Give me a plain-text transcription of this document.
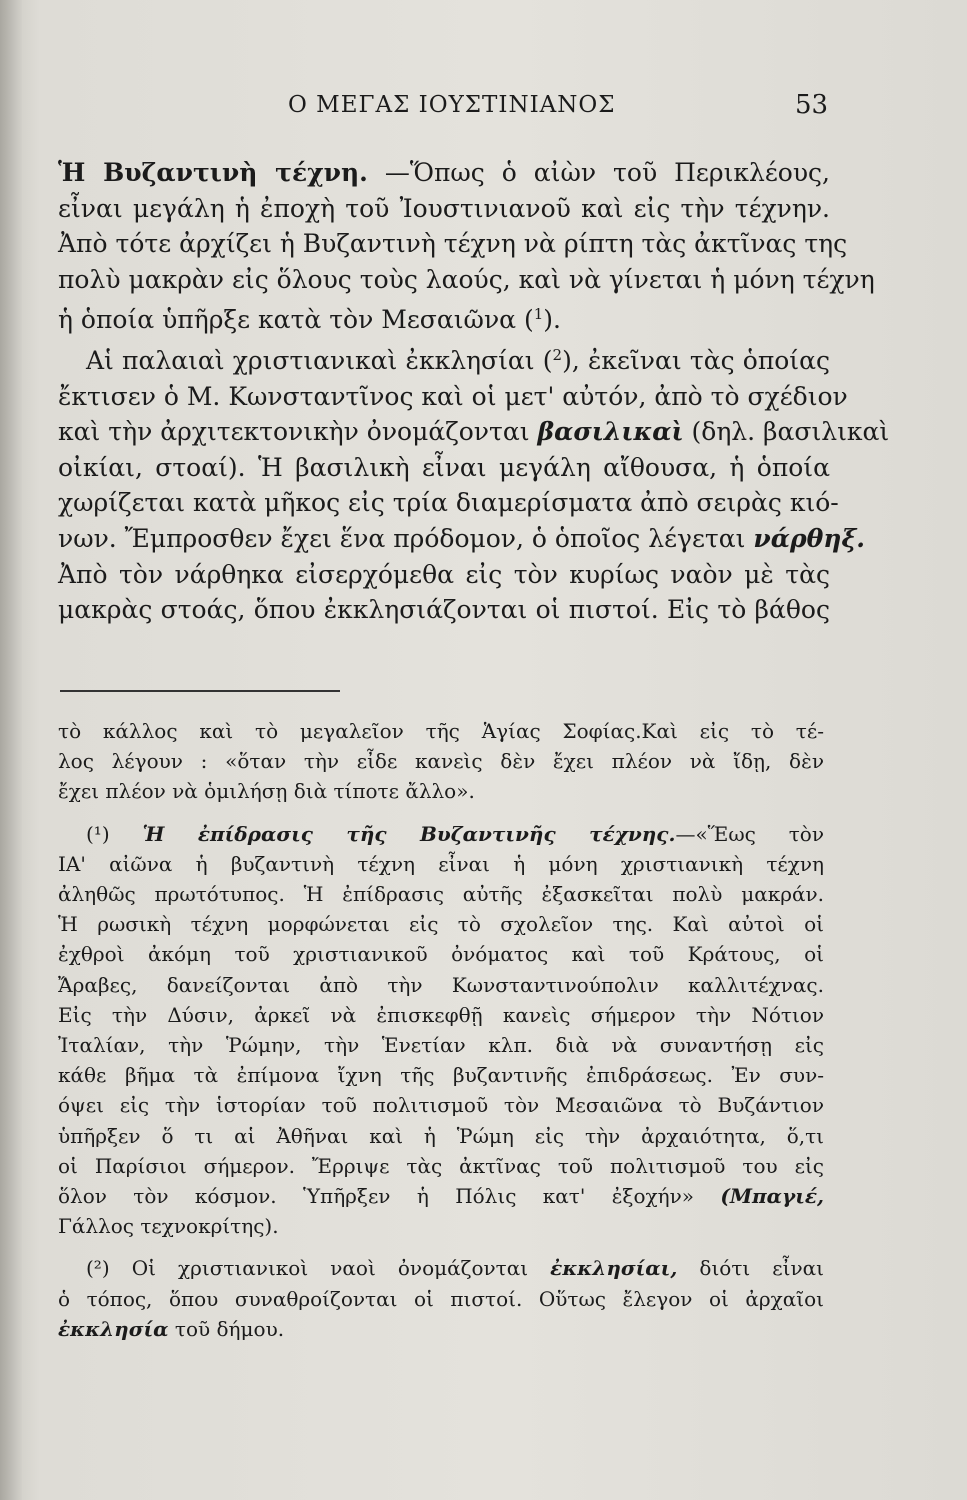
Ο ΜΕΓΑΣ ΙΟΥΣΤΙΝΙΑΝΟΣ	53
Ἡ Βυζαντινὴ τέχνη. —Ὅπως ὁ αἰὼν τοῦ Περικλέους,
εἶναι μεγάλη ἡ ἐποχὴ τοῦ Ἰουστινιανοῦ καὶ εἰς τὴν τέχνην.
Ἀπὸ τότε ἀρχίζει ἡ Βυζαντινὴ τέχνη νὰ ρίπτη τὰς ἀκτῖνας της
πολὺ μακρὰν εἰς ὅλους τοὺς λαούς, καὶ νὰ γίνεται ἡ μόνη τέχνη
ἡ ὁποία ὑπῆρξε κατὰ τὸν Μεσαιῶνα ($^1$).
Αἱ παλαιαὶ χριστιανικαὶ ἐκκλησίαι ($^2$), ἐκεῖναι τὰς ὁποίας
ἔκτισεν ὁ Μ. Κωνσταντῖνος καὶ οἱ μετ' αὐτόν, ἀπὸ τὸ σχέδιον
καὶ τὴν ἀρχιτεκτονικὴν ὀνομάζονται βασιλικαὶ (δηλ. βασιλικαὶ
οἰκίαι, στοαί). Ἡ βασιλικὴ εἶναι μεγάλη αἴθουσα, ἡ ὁποία
χωρίζεται κατὰ μῆκος εἰς τρία διαμερίσματα ἀπὸ σειρὰς κιό-
νων. Ἔμπροσθεν ἔχει ἕνα πρόδομον, ὁ ὁποῖος λέγεται νάρθηξ.
Ἀπὸ τὸν νάρθηκα εἰσερχόμεθα εἰς τὸν κυρίως ναὸν μὲ τὰς
μακρὰς στοάς, ὅπου ἐκκλησιάζονται οἱ πιστοί. Εἰς τὸ βάθος
τὸ κάλλος καὶ τὸ μεγαλεῖον τῆς Ἁγίας Σοφίας.Καὶ εἰς τὸ τέ-
λος λέγουν : «ὅταν τὴν εἶδε κανεὶς δὲν ἔχει πλέον νὰ ἴδῃ, δὲν
ἔχει πλέον νὰ ὁμιλήσῃ διὰ τίποτε ἄλλο».
(¹) Ἡ ἐπίδρασις τῆς Βυζαντινῆς τέχνης.—«Ἕως τὸν
ΙΑ' αἰῶνα ἡ βυζαντινὴ τέχνη εἶναι ἡ μόνη χριστιανικὴ τέχνη
ἀληθῶς πρωτότυπος. Ἡ ἐπίδρασις αὐτῆς ἐξασκεῖται πολὺ μακράν.
Ἡ ρωσικὴ τέχνη μορφώνεται εἰς τὸ σχολεῖον της. Καὶ αὐτοὶ οἱ
ἐχθροὶ ἀκόμη τοῦ χριστιανικοῦ ὀνόματος καὶ τοῦ Κράτους, οἱ
Ἄραβες, δανείζονται ἀπὸ τὴν Κωνσταντινούπολιν καλλιτέχνας.
Εἰς τὴν Δύσιν, ἀρκεῖ νὰ ἐπισκεφθῇ κανεὶς σήμερον τὴν Νότιον
Ἰταλίαν, τὴν Ῥώμην, τὴν Ἑνετίαν κλπ. διὰ νὰ συναντήσῃ εἰς
κάθε βῆμα τὰ ἐπίμονα ἴχνη τῆς βυζαντινῆς ἐπιδράσεως. Ἐν συν-
όψει εἰς τὴν ἱστορίαν τοῦ πολιτισμοῦ τὸν Μεσαιῶνα τὸ Βυζάντιον
ὑπῆρξεν ὅ τι αἱ Ἀθῆναι καὶ ἡ Ῥώμη εἰς τὴν ἀρχαιότητα, ὅ,τι
οἱ Παρίσιοι σήμερον. Ἔρριψε τὰς ἀκτῖνας τοῦ πολιτισμοῦ του εἰς
ὅλον τὸν κόσμον. Ὑπῆρξεν ἡ Πόλις κατ' ἐξοχήν» (Μπαγιέ,
Γάλλος τεχνοκρίτης).
(²) Οἱ χριστιανικοὶ ναοὶ ὀνομάζονται ἐκκλησίαι, διότι εἶναι
ὁ τόπος, ὅπου συναθροίζονται οἱ πιστοί. Οὕτως ἔλεγον οἱ ἀρχαῖοι
ἐκκλησία τοῦ δήμου.
